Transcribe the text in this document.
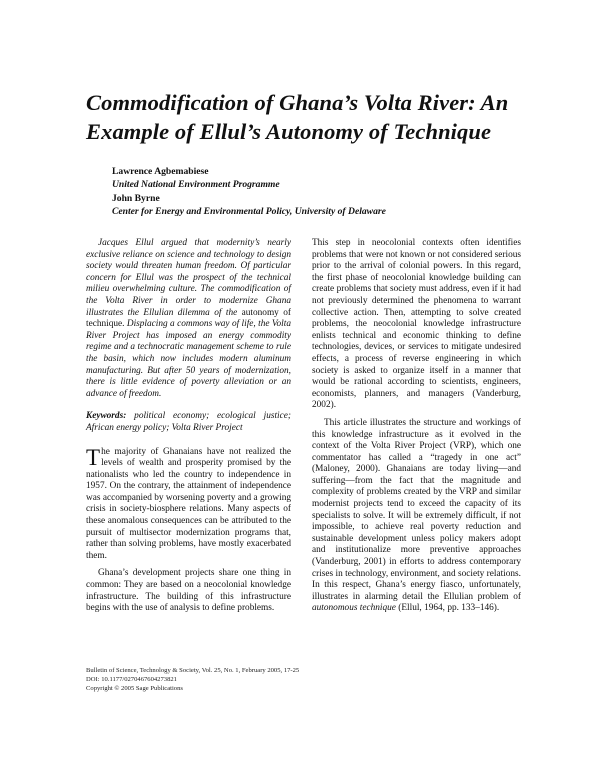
Commodification of Ghana’s Volta River: An Example of Ellul’s Autonomy of Technique
Lawrence Agbemabiese
United National Environment Programme
John Byrne
Center for Energy and Environmental Policy, University of Delaware

Jacques Ellul argued that modernity’s nearly exclusive reliance on science and technology to design society would threaten human freedom. Of particular concern for Ellul was the prospect of the technical milieu overwhelming culture. The commodification of the Volta River in order to modernize Ghana illustrates the Ellulian dilemma of the autonomy of technique. Displacing a commons way of life, the Volta River Project has imposed an energy commodity regime and a technocratic management scheme to rule the basin, which now includes modern aluminum manufacturing. But after 50 years of modernization, there is little evidence of poverty alleviation or an advance of freedom.

Keywords: political economy; ecological justice; African energy policy; Volta River Project

The majority of Ghanaians have not realized the levels of wealth and prosperity promised by the nationalists who led the country to independence in 1957. On the contrary, the attainment of independence was accompanied by worsening poverty and a growing crisis in society-biosphere relations. Many aspects of these anomalous consequences can be attributed to the pursuit of multisector modernization programs that, rather than solving problems, have mostly exacerbated them.

Ghana’s development projects share one thing in common: They are based on a neocolonial knowledge infrastructure. The building of this infrastructure begins with the use of analysis to define problems.

This step in neocolonial contexts often identifies problems that were not known or not considered serious prior to the arrival of colonial powers. In this regard, the first phase of neocolonial knowledge building can create problems that society must address, even if it had not previously determined the phenomena to warrant collective action. Then, attempting to solve created problems, the neocolonial knowledge infrastructure enlists technical and economic thinking to define technologies, devices, or services to mitigate undesired effects, a process of reverse engineering in which society is asked to organize itself in a manner that would be rational according to scientists, engineers, economists, planners, and managers (Vanderburg, 2002).

This article illustrates the structure and workings of this knowledge infrastructure as it evolved in the context of the Volta River Project (VRP), which one commentator has called a “tragedy in one act” (Maloney, 2000). Ghanaians are today living—and suffering—from the fact that the magnitude and complexity of problems created by the VRP and similar modernist projects tend to exceed the capacity of its specialists to solve. It will be extremely difficult, if not impossible, to achieve real poverty reduction and sustainable development unless policy makers adopt and institutionalize more preventive approaches (Vanderburg, 2001) in efforts to address contemporary crises in technology, environment, and society relations. In this respect, Ghana’s energy fiasco, unfortunately, illustrates in alarming detail the Ellulian problem of autonomous technique (Ellul, 1964, pp. 133–146).

Bulletin of Science, Technology & Society, Vol. 25, No. 1, February 2005, 17-25
DOI: 10.1177/0270467604273821
Copyright © 2005 Sage Publications
